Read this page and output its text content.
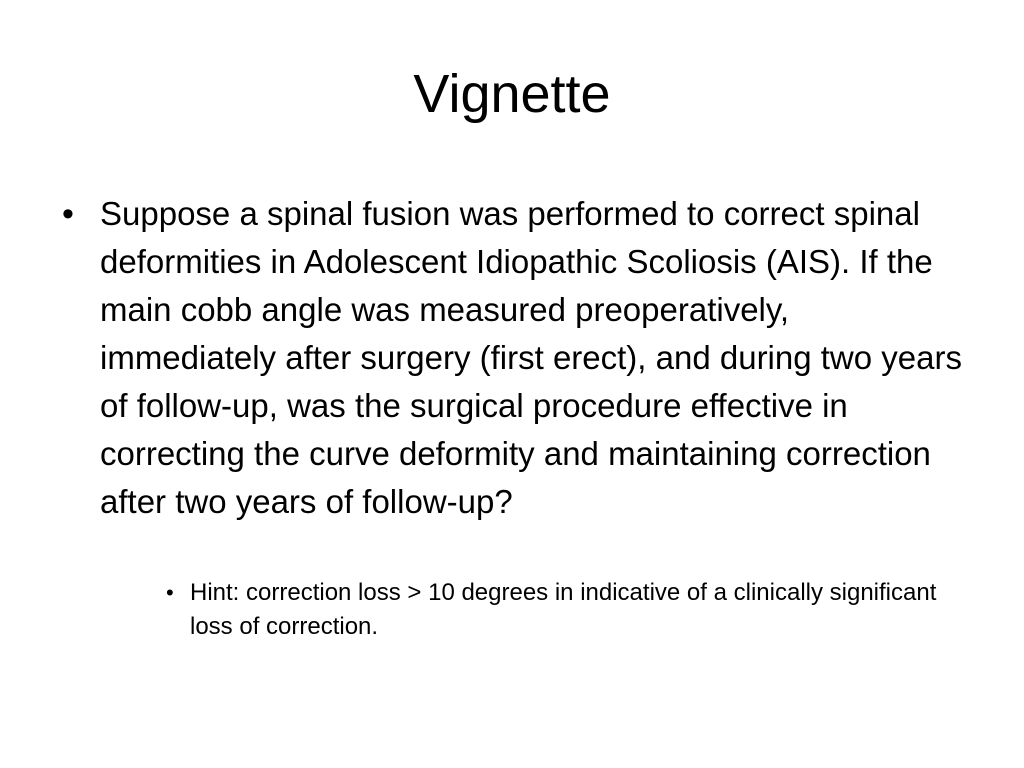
Vignette
• Suppose a spinal fusion was performed to correct spinal deformities in Adolescent Idiopathic Scoliosis (AIS). If the main cobb angle was measured preoperatively, immediately after surgery (first erect), and during two years of follow-up, was the surgical procedure effective in correcting the curve deformity and maintaining correction after two years of follow-up?

• Hint: correction loss > 10 degrees in indicative of a clinically significant loss of correction.
